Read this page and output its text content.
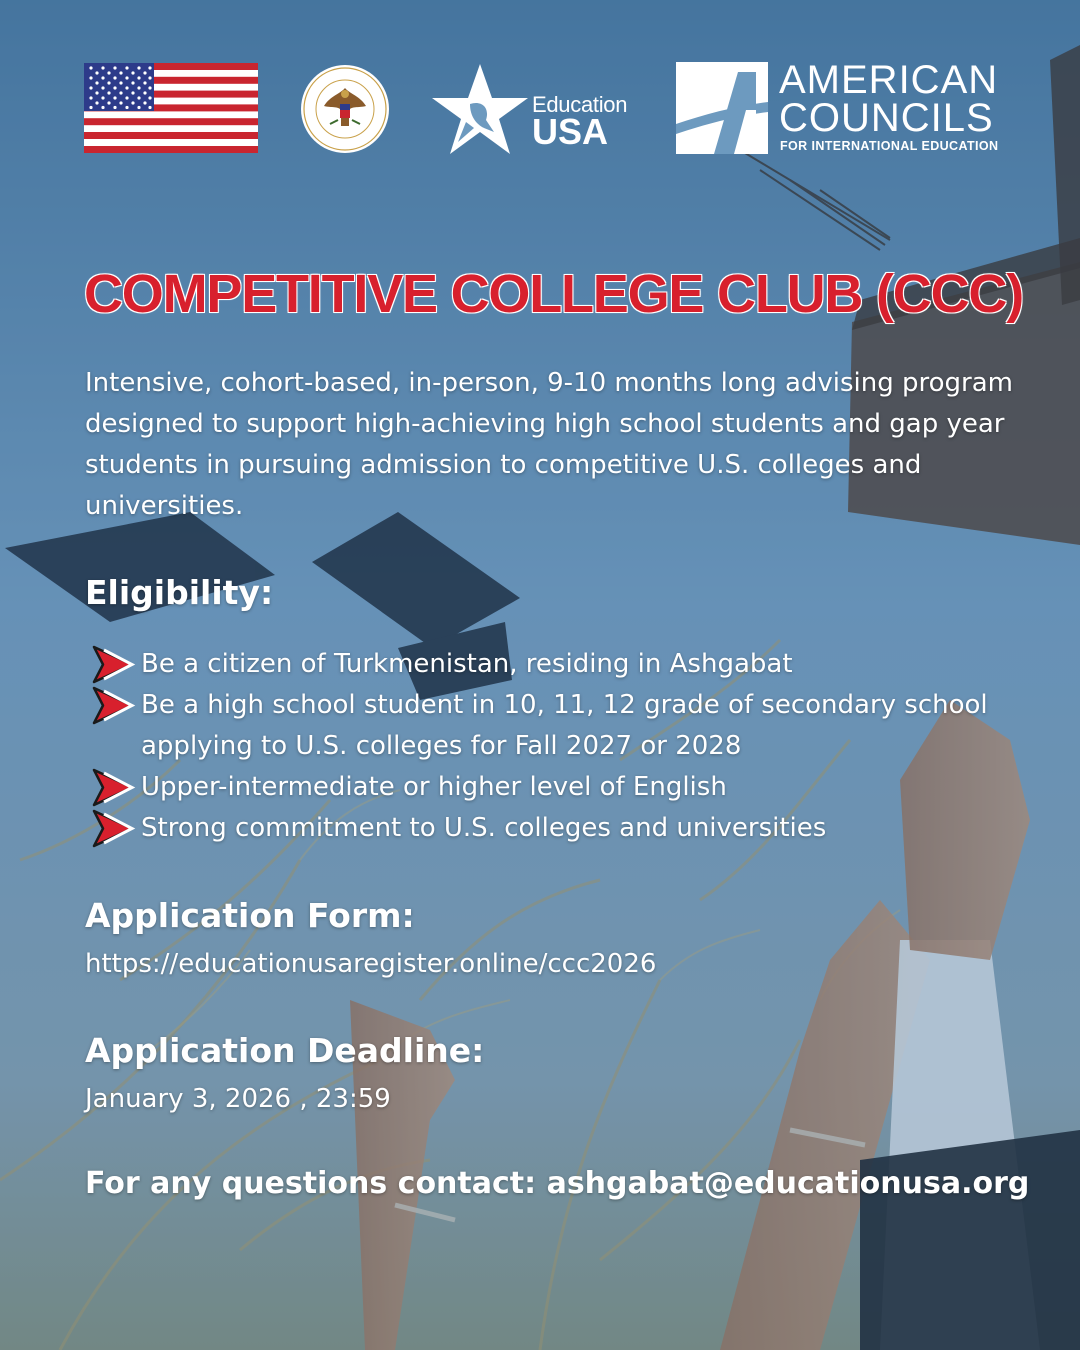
Education
USA
AMERICAN
COUNCILS
FOR INTERNATIONAL EDUCATION
COMPETITIVE COLLEGE CLUB (CCC)

Intensive, cohort-based, in-person, 9-10 months long advising program designed to support high-achieving high school students and gap year students in pursuing admission to competitive U.S. colleges and universities.

Eligibility:
Be a citizen of Turkmenistan, residing in Ashgabat
Be a high school student in 10, 11, 12 grade of secondary school applying to U.S. colleges for Fall 2027 or 2028
Upper-intermediate or higher level of English
Strong commitment to U.S. colleges and universities
Application Form:

https://educationusaregister.online/ccc2026

Application Deadline:

January 3, 2026 , 23:59

For any questions contact: ashgabat@educationusa.org
